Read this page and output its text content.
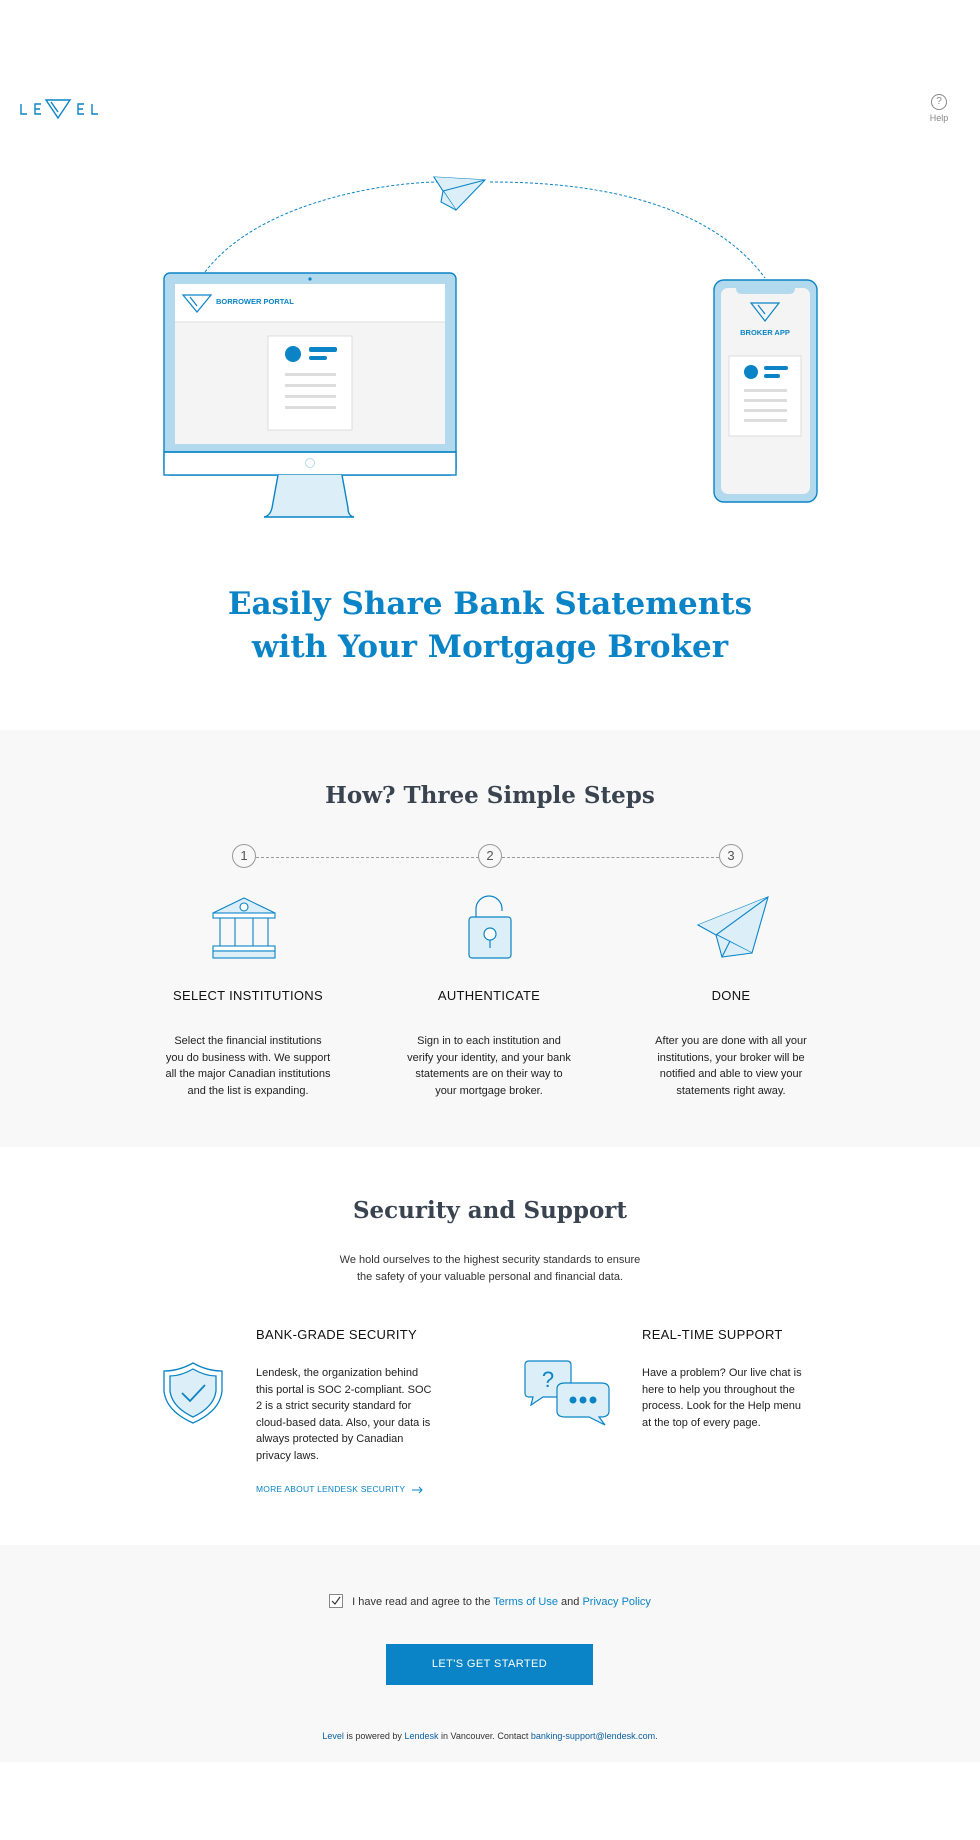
?
Help
BORROWER PORTAL
BROKER APP
Easily Share Bank Statements
with Your Mortgage Broker
How? Three Simple Steps
1	2	3
SELECT INSTITUTIONS
Select the financial institutions
you do business with. We support
all the major Canadian institutions
and the list is expanding.
AUTHENTICATE
Sign in to each institution and
verify your identity, and your bank
statements are on their way to
your mortgage broker.
DONE
After you are done with all your
institutions, your broker will be
notified and able to view your
statements right away.
Security and Support
We hold ourselves to the highest security standards to ensure
the safety of your valuable personal and financial data.
BANK-GRADE SECURITY
Lendesk, the organization behind
this portal is SOC 2-compliant. SOC
2 is a strict security standard for
cloud-based data. Also, your data is
always protected by Canadian
privacy laws.
MORE ABOUT LENDESK SECURITY
?
REAL-TIME SUPPORT
Have a problem? Our live chat is
here to help you throughout the
process. Look for the Help menu
at the top of every page.
I have read and agree to the Terms of Use and Privacy Policy
LET'S GET STARTED
Level is powered by Lendesk in Vancouver. Contact banking-support@lendesk.com.
